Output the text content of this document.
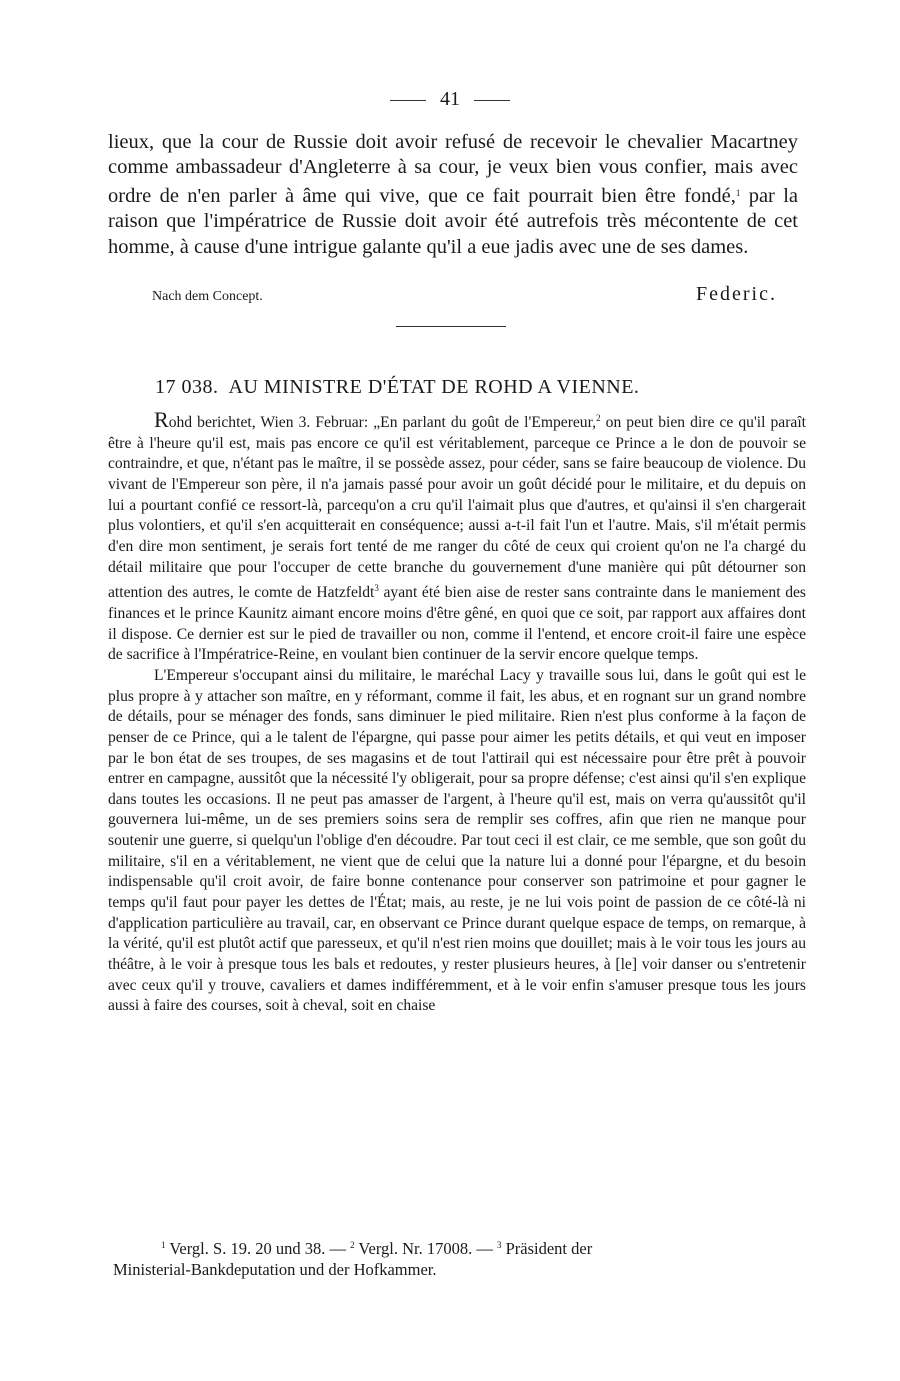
41

lieux, que la cour de Russie doit avoir refusé de recevoir le chevalier Macartney comme ambassadeur d'Angleterre à sa cour, je veux bien vous confier, mais avec ordre de n'en parler à âme qui vive, que ce fait pourrait bien être fondé,$^1$ par la raison que l'impératrice de Russie doit avoir été autrefois très mécontente de cet homme, à cause d'une intrigue galante qu'il a eue jadis avec une de ses dames.

Nach dem Concept.	Federic.
17 038. AU MINISTRE D'ÉTAT DE ROHD A VIENNE.

Rohd berichtet, Wien 3. Februar: „En parlant du goût de l'Empereur,$^2$ on peut bien dire ce qu'il paraît être à l'heure qu'il est, mais pas encore ce qu'il est véritablement, parceque ce Prince a le don de pouvoir se contraindre, et que, n'étant pas le maître, il se possède assez, pour céder, sans se faire beaucoup de violence. Du vivant de l'Empereur son père, il n'a jamais passé pour avoir un goût décidé pour le militaire, et du depuis on lui a pourtant confié ce ressort-là, parcequ'on a cru qu'il l'aimait plus que d'autres, et qu'ainsi il s'en chargerait plus volontiers, et qu'il s'en acquitterait en conséquence; aussi a-t-il fait l'un et l'autre. Mais, s'il m'était permis d'en dire mon sentiment, je serais fort tenté de me ranger du côté de ceux qui croient qu'on ne l'a chargé du détail militaire que pour l'occuper de cette branche du gouvernement d'une manière qui pût détourner son attention des autres, le comte de Hatzfeldt$^3$ ayant été bien aise de rester sans contrainte dans le maniement des finances et le prince Kaunitz aimant encore moins d'être gêné, en quoi que ce soit, par rapport aux affaires dont il dispose. Ce dernier est sur le pied de travailler ou non, comme il l'entend, et encore croit-il faire une espèce de sacrifice à l'Impératrice-Reine, en voulant bien continuer de la servir encore quelque temps.

L'Empereur s'occupant ainsi du militaire, le maréchal Lacy y travaille sous lui, dans le goût qui est le plus propre à y attacher son maître, en y réformant, comme il fait, les abus, et en rognant sur un grand nombre de détails, pour se ménager des fonds, sans diminuer le pied militaire. Rien n'est plus conforme à la façon de penser de ce Prince, qui a le talent de l'épargne, qui passe pour aimer les petits détails, et qui veut en imposer par le bon état de ses troupes, de ses magasins et de tout l'attirail qui est nécessaire pour être prêt à pouvoir entrer en campagne, aussitôt que la nécessité l'y obligerait, pour sa propre défense; c'est ainsi qu'il s'en explique dans toutes les occasions. Il ne peut pas amasser de l'argent, à l'heure qu'il est, mais on verra qu'aussitôt qu'il gouvernera lui-même, un de ses premiers soins sera de remplir ses coffres, afin que rien ne manque pour soutenir une guerre, si quelqu'un l'oblige d'en découdre. Par tout ceci il est clair, ce me semble, que son goût du militaire, s'il en a véritablement, ne vient que de celui que la nature lui a donné pour l'épargne, et du besoin indispensable qu'il croit avoir, de faire bonne contenance pour conserver son patrimoine et pour gagner le temps qu'il faut pour payer les dettes de l'État; mais, au reste, je ne lui vois point de passion de ce côté-là ni d'application particulière au travail, car, en observant ce Prince durant quelque espace de temps, on remarque, à la vérité, qu'il est plutôt actif que paresseux, et qu'il n'est rien moins que douillet; mais à le voir tous les jours au théâtre, à le voir à presque tous les bals et redoutes, y rester plusieurs heures, à [le] voir danser ou s'entretenir avec ceux qu'il y trouve, cavaliers et dames indifféremment, et à le voir enfin s'amuser presque tous les jours aussi à faire des courses, soit à cheval, soit en chaise

$^1$ Vergl. S. 19. 20 und 38. — $^2$ Vergl. Nr. 17008. — $^3$ Präsident der
Ministerial-Bankdeputation und der Hofkammer.
